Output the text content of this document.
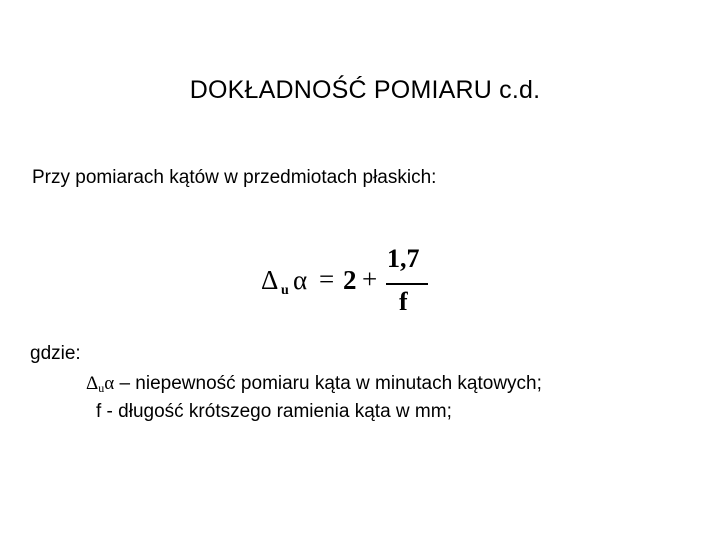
DOKŁADNOŚĆ POMIARU c.d.
Przy pomiarach kątów w przedmiotach płaskich:
Δ u α = 2 +
1,7
f
gdzie:
Δuα – niepewność pomiaru kąta w minutach kątowych;
f - długość krótszego ramienia kąta w mm;
